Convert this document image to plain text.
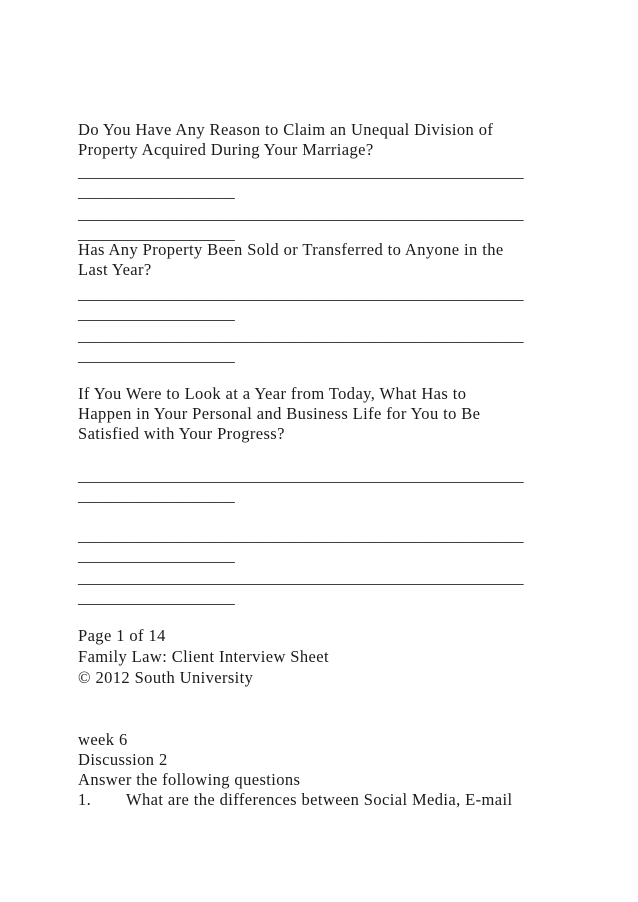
Do You Have Any Reason to Claim an Unequal Division of
Property Acquired During Your Marriage?
______________________________________________________
___________________
______________________________________________________
___________________
Has Any Property Been Sold or Transferred to Anyone in the
Last Year?
______________________________________________________
___________________
______________________________________________________
___________________
If You Were to Look at a Year from Today, What Has to
Happen in Your Personal and Business Life for You to Be
Satisfied with Your Progress?
______________________________________________________
___________________
______________________________________________________
___________________
______________________________________________________
___________________
Page 1 of 14
Family Law: Client Interview Sheet
© 2012 South University
week 6
Discussion 2
Answer the following questions

1.

What are the differences between Social Media, E-mail
